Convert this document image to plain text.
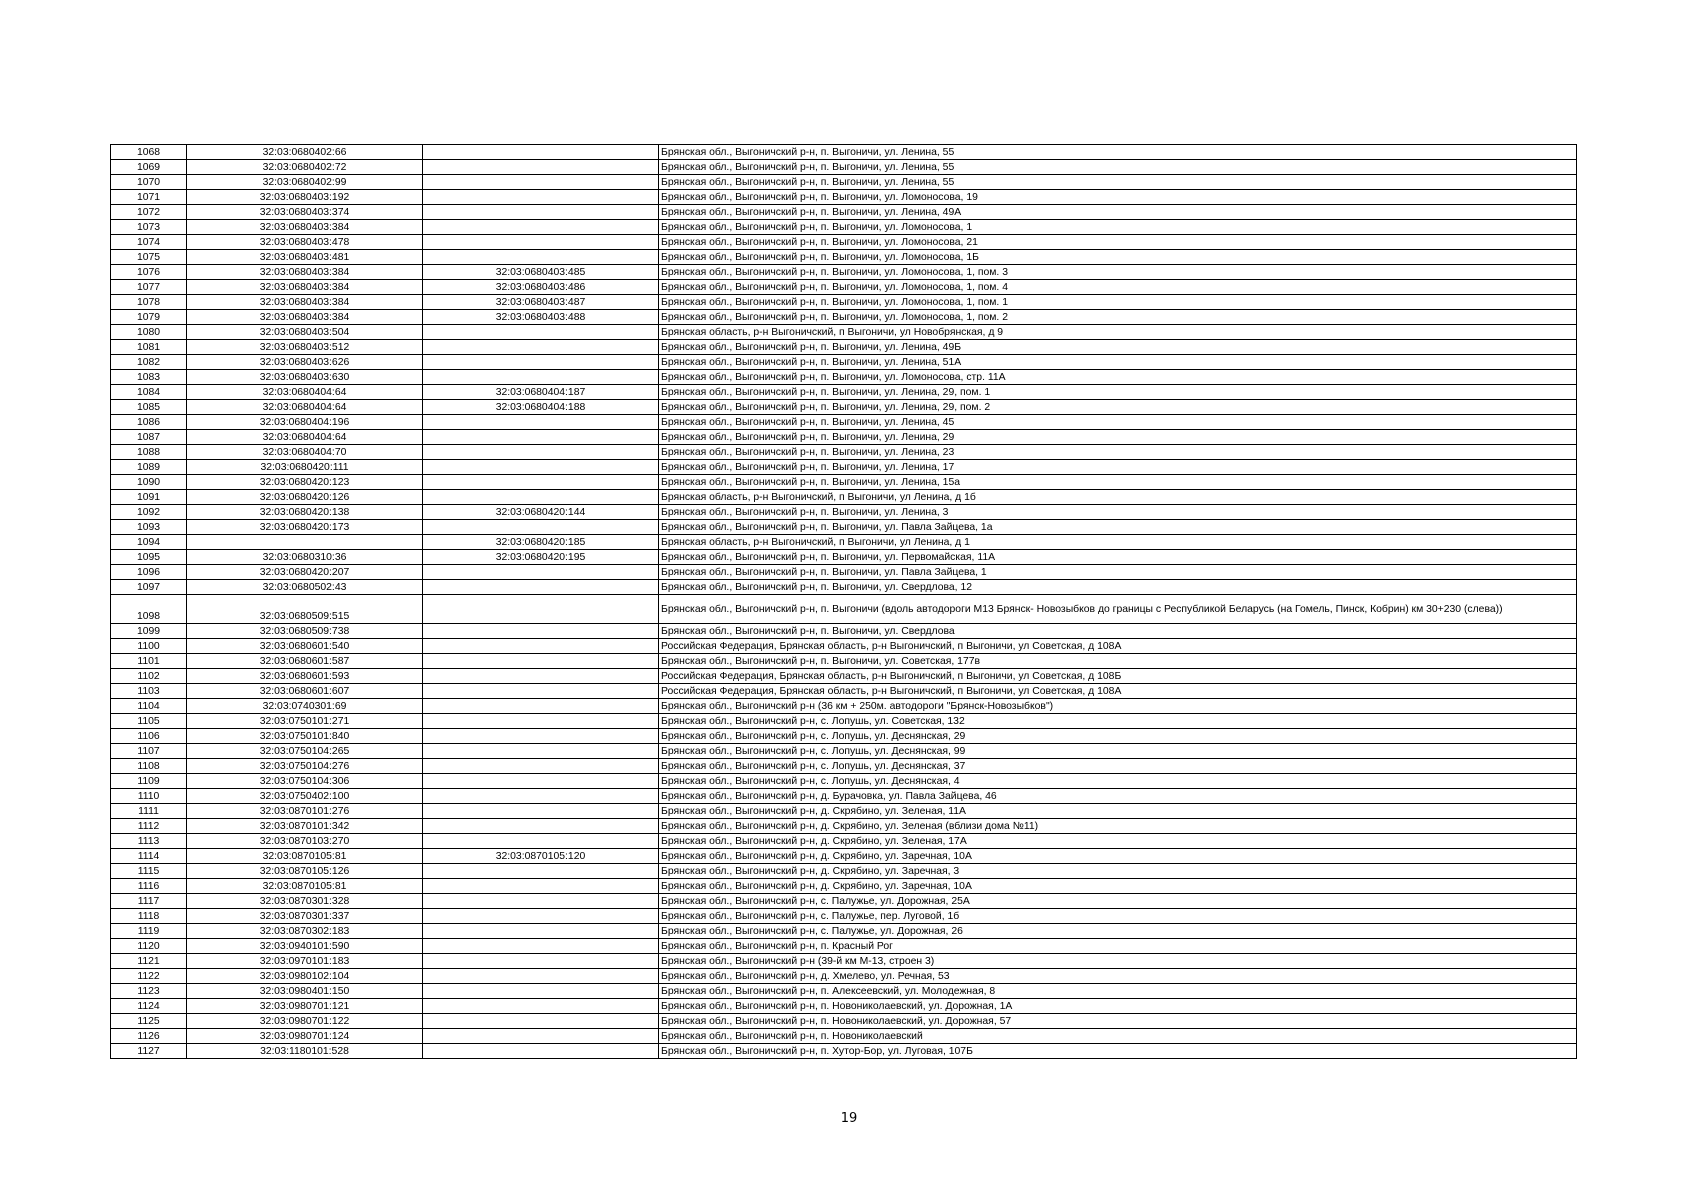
1068	32:03:0680402:66		Брянская обл., Выгоничский р-н, п. Выгоничи, ул. Ленина, 55
1069	32:03:0680402:72		Брянская обл., Выгоничский р-н, п. Выгоничи, ул. Ленина, 55
1070	32:03:0680402:99		Брянская обл., Выгоничский р-н, п. Выгоничи, ул. Ленина, 55
1071	32:03:0680403:192		Брянская обл., Выгоничский р-н, п. Выгоничи, ул. Ломоносова, 19
1072	32:03:0680403:374		Брянская обл., Выгоничский р-н, п. Выгоничи, ул. Ленина, 49А
1073	32:03:0680403:384		Брянская обл., Выгоничский р-н, п. Выгоничи, ул. Ломоносова, 1
1074	32:03:0680403:478		Брянская обл., Выгоничский р-н, п. Выгоничи, ул. Ломоносова, 21
1075	32:03:0680403:481		Брянская обл., Выгоничский р-н, п. Выгоничи, ул. Ломоносова, 1Б
1076	32:03:0680403:384	32:03:0680403:485	Брянская обл., Выгоничский р-н, п. Выгоничи, ул. Ломоносова, 1, пом. 3
1077	32:03:0680403:384	32:03:0680403:486	Брянская обл., Выгоничский р-н, п. Выгоничи, ул. Ломоносова, 1, пом. 4
1078	32:03:0680403:384	32:03:0680403:487	Брянская обл., Выгоничский р-н, п. Выгоничи, ул. Ломоносова, 1, пом. 1
1079	32:03:0680403:384	32:03:0680403:488	Брянская обл., Выгоничский р-н, п. Выгоничи, ул. Ломоносова, 1, пом. 2
1080	32:03:0680403:504		Брянская область, р-н Выгоничский, п Выгоничи, ул Новобрянская, д 9
1081	32:03:0680403:512		Брянская обл., Выгоничский р-н, п. Выгоничи, ул. Ленина, 49Б
1082	32:03:0680403:626		Брянская обл., Выгоничский р-н, п. Выгоничи, ул. Ленина, 51А
1083	32:03:0680403:630		Брянская обл., Выгоничский р-н, п. Выгоничи, ул. Ломоносова, стр. 11А
1084	32:03:0680404:64	32:03:0680404:187	Брянская обл., Выгоничский р-н, п. Выгоничи, ул. Ленина, 29, пом. 1
1085	32:03:0680404:64	32:03:0680404:188	Брянская обл., Выгоничский р-н, п. Выгоничи, ул. Ленина, 29, пом. 2
1086	32:03:0680404:196		Брянская обл., Выгоничский р-н, п. Выгоничи, ул. Ленина, 45
1087	32:03:0680404:64		Брянская обл., Выгоничский р-н, п. Выгоничи, ул. Ленина, 29
1088	32:03:0680404:70		Брянская обл., Выгоничский р-н, п. Выгоничи, ул. Ленина, 23
1089	32:03:0680420:111		Брянская обл., Выгоничский р-н, п. Выгоничи, ул. Ленина, 17
1090	32:03:0680420:123		Брянская обл., Выгоничский р-н, п. Выгоничи, ул. Ленина, 15а
1091	32:03:0680420:126		Брянская область, р-н Выгоничский, п Выгоничи, ул Ленина, д 1б
1092	32:03:0680420:138	32:03:0680420:144	Брянская обл., Выгоничский р-н, п. Выгоничи, ул. Ленина, 3
1093	32:03:0680420:173		Брянская обл., Выгоничский р-н, п. Выгоничи, ул. Павла Зайцева, 1а
1094		32:03:0680420:185	Брянская область, р-н Выгоничский, п Выгоничи, ул Ленина, д 1
1095	32:03:0680310:36	32:03:0680420:195	Брянская обл., Выгоничский р-н, п. Выгоничи, ул. Первомайская, 11А
1096	32:03:0680420:207		Брянская обл., Выгоничский р-н, п. Выгоничи, ул. Павла Зайцева, 1
1097	32:03:0680502:43		Брянская обл., Выгоничский р-н, п. Выгоничи, ул. Свердлова, 12
1098	32:03:0680509:515		Брянская обл., Выгоничский р-н, п. Выгоничи (вдоль автодороги М13 Брянск- Новозыбков до границы с Республикой Беларусь (на Гомель, Пинск, Кобрин) км 30+230 (слева))
1099	32:03:0680509:738		Брянская обл., Выгоничский р-н, п. Выгоничи, ул. Свердлова
1100	32:03:0680601:540		Российская Федерация, Брянская область, р-н Выгоничский, п Выгоничи, ул Советская, д 108А
1101	32:03:0680601:587		Брянская обл., Выгоничский р-н, п. Выгоничи, ул. Советская, 177в
1102	32:03:0680601:593		Российская Федерация, Брянская область, р-н Выгоничский, п Выгоничи, ул Советская, д 108Б
1103	32:03:0680601:607		Российская Федерация, Брянская область, р-н Выгоничский, п Выгоничи, ул Советская, д 108А
1104	32:03:0740301:69		Брянская обл., Выгоничский р-н (36 км + 250м. автодороги "Брянск-Новозыбков")
1105	32:03:0750101:271		Брянская обл., Выгоничский р-н, с. Лопушь, ул. Советская, 132
1106	32:03:0750101:840		Брянская обл., Выгоничский р-н, с. Лопушь, ул. Деснянская, 29
1107	32:03:0750104:265		Брянская обл., Выгоничский р-н, с. Лопушь, ул. Деснянская, 99
1108	32:03:0750104:276		Брянская обл., Выгоничский р-н, с. Лопушь, ул. Деснянская, 37
1109	32:03:0750104:306		Брянская обл., Выгоничский р-н, с. Лопушь, ул. Деснянская, 4
1110	32:03:0750402:100		Брянская обл., Выгоничский р-н, д. Бурачовка, ул. Павла Зайцева, 46
1111	32:03:0870101:276		Брянская обл., Выгоничский р-н, д. Скрябино, ул. Зеленая, 11А
1112	32:03:0870101:342		Брянская обл., Выгоничский р-н, д. Скрябино, ул. Зеленая (вблизи дома №11)
1113	32:03:0870103:270		Брянская обл., Выгоничский р-н, д. Скрябино, ул. Зеленая, 17А
1114	32:03:0870105:81	32:03:0870105:120	Брянская обл., Выгоничский р-н, д. Скрябино, ул. Заречная, 10А
1115	32:03:0870105:126		Брянская обл., Выгоничский р-н, д. Скрябино, ул. Заречная, 3
1116	32:03:0870105:81		Брянская обл., Выгоничский р-н, д. Скрябино, ул. Заречная, 10А
1117	32:03:0870301:328		Брянская обл., Выгоничский р-н, с. Палужье, ул. Дорожная, 25А
1118	32:03:0870301:337		Брянская обл., Выгоничский р-н, с. Палужье, пер. Луговой, 1б
1119	32:03:0870302:183		Брянская обл., Выгоничский р-н, с. Палужье, ул. Дорожная, 26
1120	32:03:0940101:590		Брянская обл., Выгоничский р-н, п. Красный Рог
1121	32:03:0970101:183		Брянская обл., Выгоничский р-н (39-й км М-13, строен 3)
1122	32:03:0980102:104		Брянская обл., Выгоничский р-н, д. Хмелево, ул. Речная, 53
1123	32:03:0980401:150		Брянская обл., Выгоничский р-н, п. Алексеевский, ул. Молодежная, 8
1124	32:03:0980701:121		Брянская обл., Выгоничский р-н, п. Новониколаевский, ул. Дорожная, 1А
1125	32:03:0980701:122		Брянская обл., Выгоничский р-н, п. Новониколаевский, ул. Дорожная, 57
1126	32:03:0980701:124		Брянская обл., Выгоничский р-н, п. Новониколаевский
1127	32:03:1180101:528		Брянская обл., Выгоничский р-н, п. Хутор-Бор, ул. Луговая, 107Б
19
